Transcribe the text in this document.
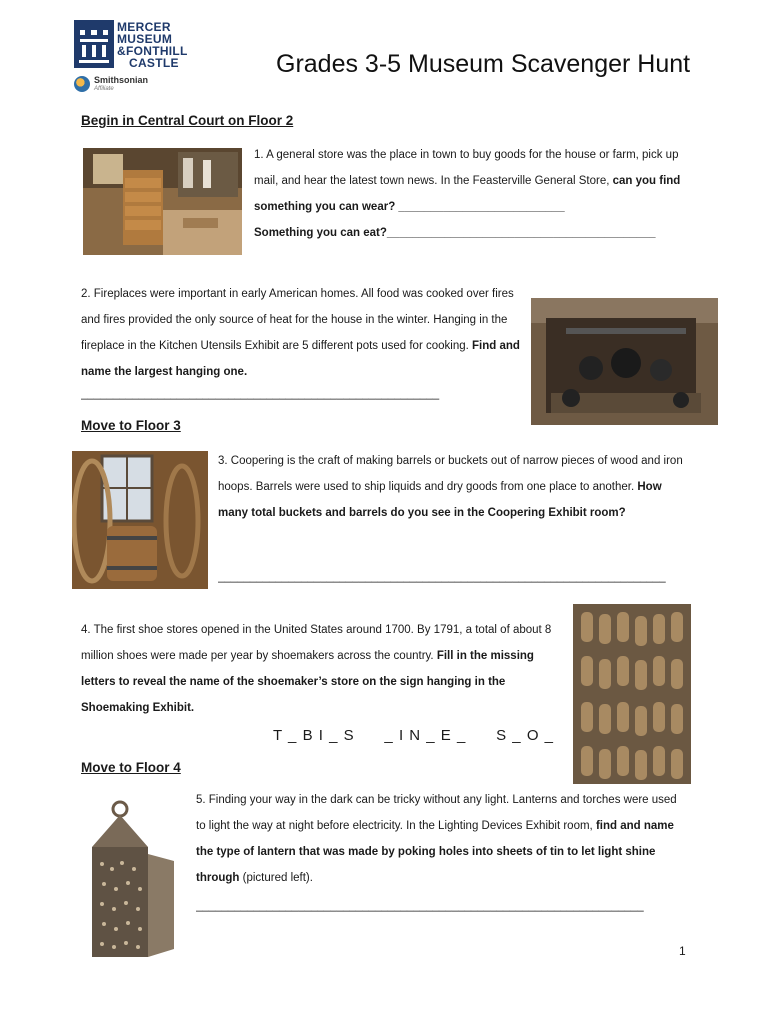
MERCER
MUSEUM
&FONTHILL
CASTLE
Smithsonian
Affiliate
Grades 3-5 Museum Scavenger Hunt
Begin in Central Court on Floor 2
1. A general store was the place in town to buy goods for the house or farm, pick up mail, and hear the latest town news. In the Feasterville General Store, can you find something you can wear? __________________________
Something you can eat?__________________________________________
2. Fireplaces were important in early American homes. All food was cooked over fires and fires provided the only source of heat for the house in the winter. Hanging in the fireplace in the Kitchen Utensils Exhibit are 5 different pots used for cooking. Find and name the largest hanging one.
________________________________________________________
Move to Floor 3
3. Coopering is the craft of making barrels or buckets out of narrow pieces of wood and iron hoops. Barrels were used to ship liquids and dry goods from one place to another. How many total buckets and barrels do you see in the Coopering Exhibit room?
______________________________________________________________________
4. The first shoe stores opened in the United States around 1700. By 1791, a total of about 8 million shoes were made per year by shoemakers across the country. Fill in the missing letters to reveal the name of the shoemaker’s store on the sign hanging in the Shoemaking Exhibit.
T _ B I _ S     _ I N _ E _     S _ O _
Move to Floor 4
5. Finding your way in the dark can be tricky without any light. Lanterns and torches were used to light the way at night before electricity. In the Lighting Devices Exhibit room, find and name the type of lantern that was made by poking holes into sheets of tin to let light shine through (pictured left).
______________________________________________________________________
1
